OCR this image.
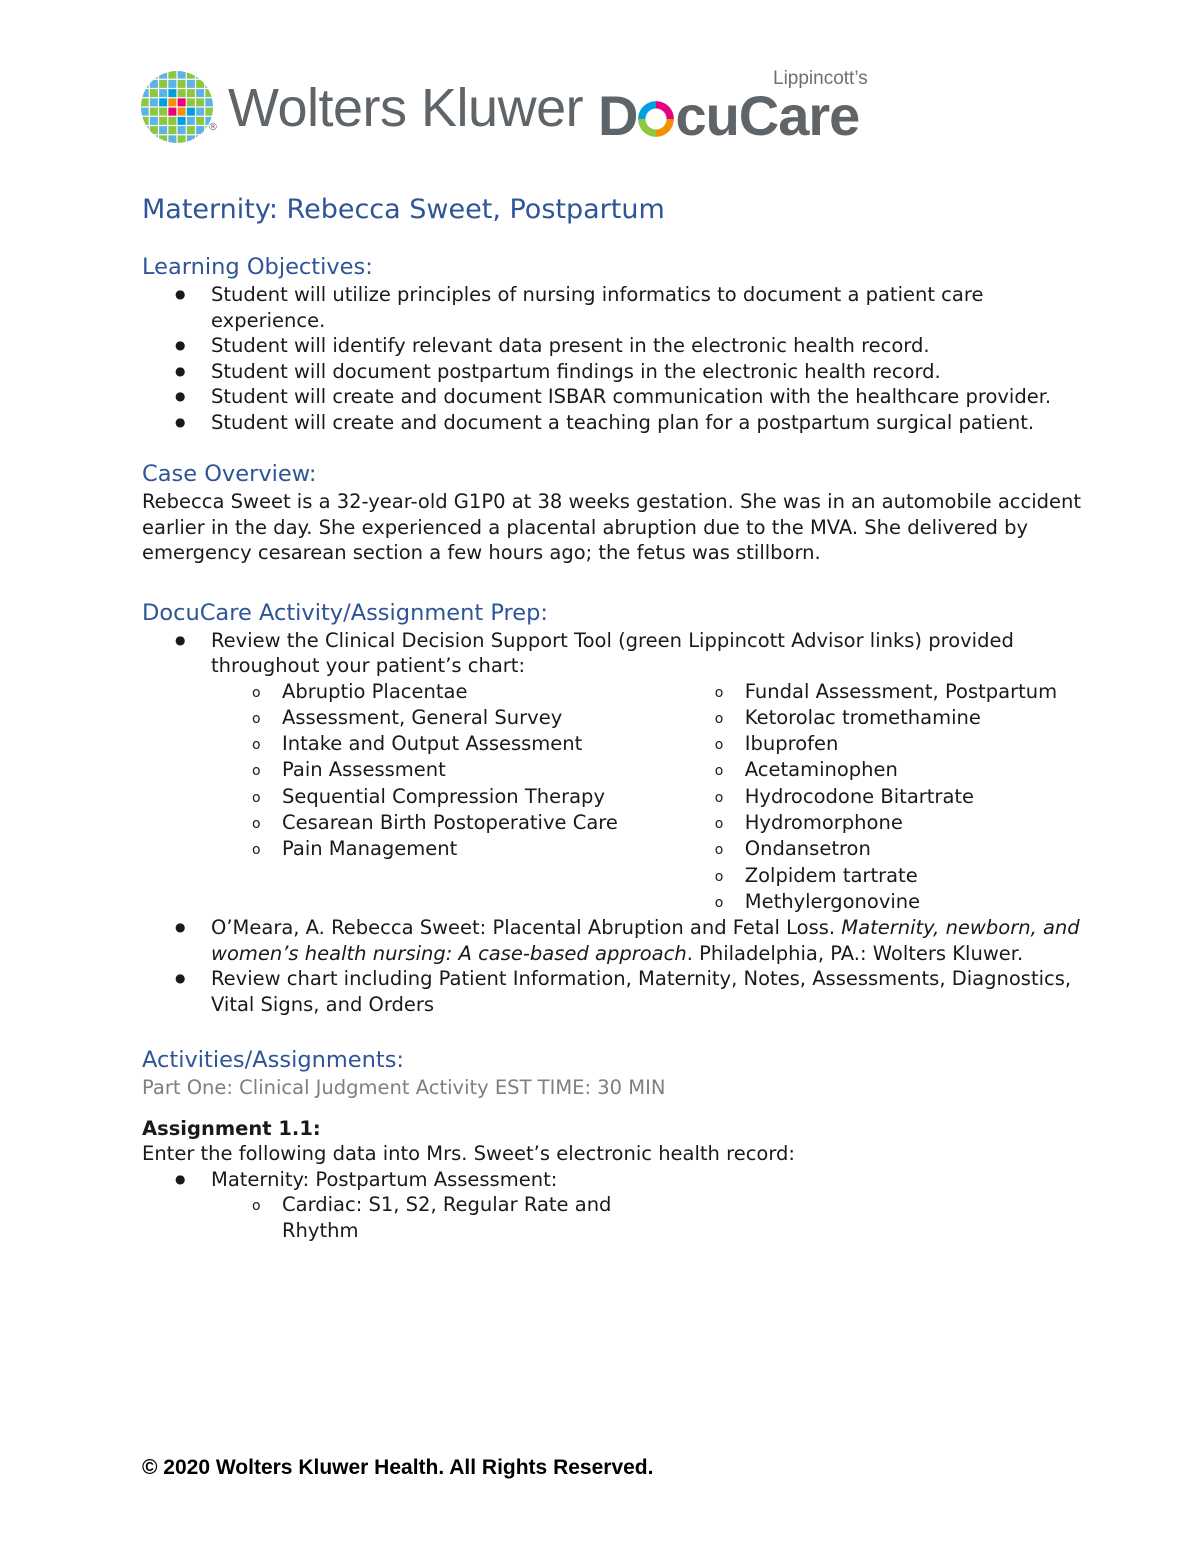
® Wolters Kluwer	Lippincott’s
D cuCare
Maternity: Rebecca Sweet, Postpartum
Learning Objectives:
● Student will utilize principles of nursing informatics to document a patient care experience.
● Student will identify relevant data present in the electronic health record.
● Student will document postpartum findings in the electronic health record.
● Student will create and document ISBAR communication with the healthcare provider.
● Student will create and document a teaching plan for a postpartum surgical patient.
Case Overview:

Rebecca Sweet is a 32-year-old G1P0 at 38 weeks gestation. She was in an automobile accident earlier in the day. She experienced a placental abruption due to the MVA. She delivered by emergency cesarean section a few hours ago; the fetus was stillborn.

DocuCare Activity/Assignment Prep:
● Review the Clinical Decision Support Tool (green Lippincott Advisor links) provided throughout your patient’s chart:
o Abruptio Placentae
o Assessment, General Survey
o Intake and Output Assessment
o Pain Assessment
o Sequential Compression Therapy
o Cesarean Birth Postoperative Care
o Pain Management
o Fundal Assessment, Postpartum
o Ketorolac tromethamine
o Ibuprofen
o Acetaminophen
o Hydrocodone Bitartrate
o Hydromorphone
o Ondansetron
o Zolpidem tartrate
o Methylergonovine
● O’Meara, A. Rebecca Sweet: Placental Abruption and Fetal Loss. Maternity, newborn, and women’s health nursing: A case-based approach. Philadelphia, PA.: Wolters Kluwer.
● Review chart including Patient Information, Maternity, Notes, Assessments, Diagnostics, Vital Signs, and Orders
Activities/Assignments:

Part One: Clinical Judgment Activity EST TIME: 30 MIN

Assignment 1.1:

Enter the following data into Mrs. Sweet’s electronic health record:

● Maternity: Postpartum Assessment:
o Cardiac: S1, S2, Regular Rate and Rhythm
© 2020 Wolters Kluwer Health. All Rights Reserved.
